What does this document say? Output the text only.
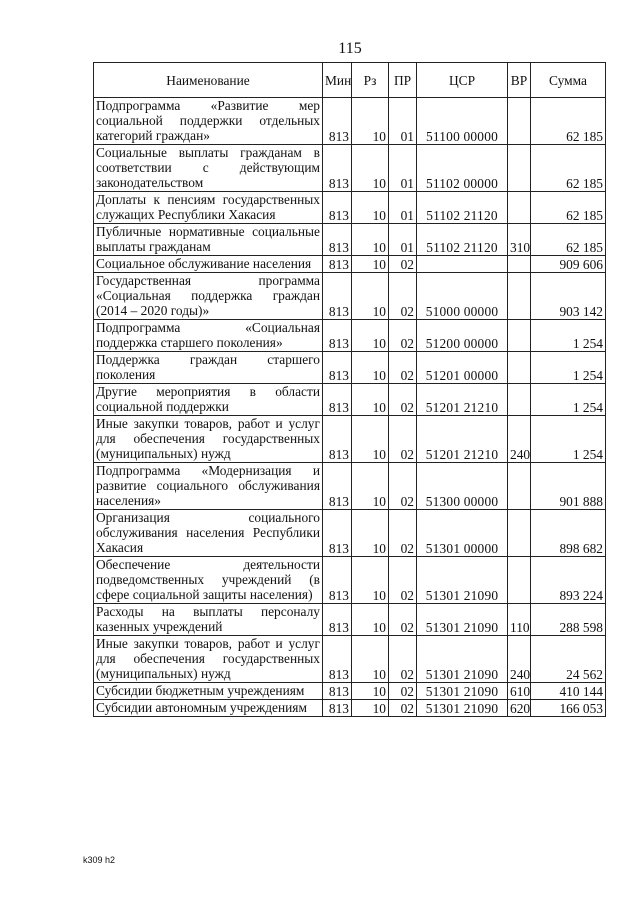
115
Наименование	Мин	Рз	ПР	ЦСР	ВР	Сумма
Подпрограмма «Развитие мер социальной поддержки отдельных категорий граждан»	813	10	01	51100 00000		62 185
Социальные выплаты гражданам в соответствии с действующим законодательством	813	10	01	51102 00000		62 185
Доплаты к пенсиям государственных служащих Республики Хакасия	813	10	01	51102 21120		62 185
Публичные нормативные социальные выплаты гражданам	813	10	01	51102 21120	310	62 185
Социальное обслуживание населения	813	10	02			909 606
Государственная программа «Социальная поддержка граждан (2014 – 2020 годы)»	813	10	02	51000 00000		903 142
Подпрограмма «Социальная поддержка старшего поколения»	813	10	02	51200 00000		1 254
Поддержка граждан старшего поколения	813	10	02	51201 00000		1 254
Другие мероприятия в области социальной поддержки	813	10	02	51201 21210		1 254
Иные закупки товаров, работ и услуг для обеспечения государственных (муниципальных) нужд	813	10	02	51201 21210	240	1 254
Подпрограмма «Модернизация и развитие социального обслуживания населения»	813	10	02	51300 00000		901 888
Организация социального обслуживания населения Республики Хакасия	813	10	02	51301 00000		898 682
Обеспечение деятельности подведомственных учреждений (в сфере социальной защиты населения)	813	10	02	51301 21090		893 224
Расходы на выплаты персоналу казенных учреждений	813	10	02	51301 21090	110	288 598
Иные закупки товаров, работ и услуг для обеспечения государственных (муниципальных) нужд	813	10	02	51301 21090	240	24 562
Субсидии бюджетным учреждениям	813	10	02	51301 21090	610	410 144
Субсидии автономным учреждениям	813	10	02	51301 21090	620	166 053
k309 h2
